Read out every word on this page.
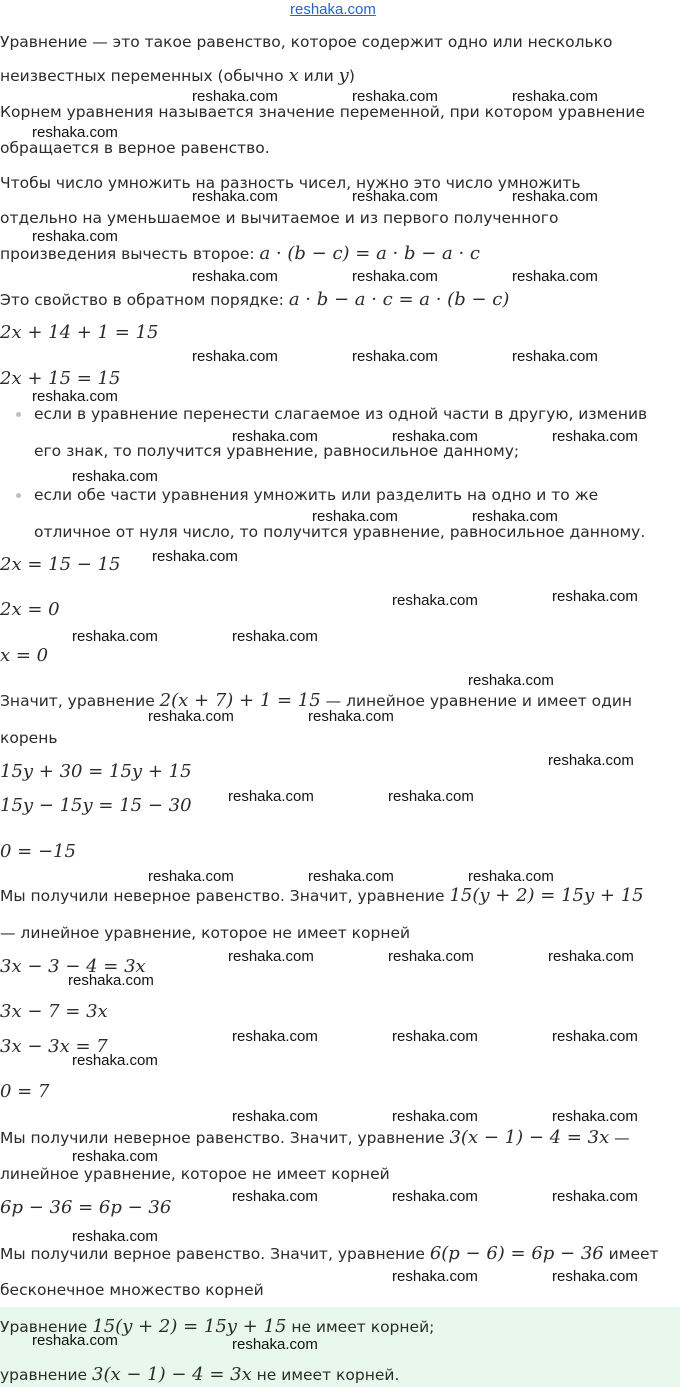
reshaka.com
Уравнение — это такое равенство, которое содержит одно или несколько
неизвестных переменных (обычно x или y)
Корнем уравнения называется значение переменной, при котором уравнение
обращается в верное равенство.
Чтобы число умножить на разность чисел, нужно это число умножить
отдельно на уменьшаемое и вычитаемое и из первого полученного
произведения вычесть второе: a · (b − c) = a · b − a · c
Это свойство в обратном порядке: a · b − a · c = a · (b − c)
2x + 14 + 1 = 15
2x + 15 = 15
если в уравнение перенести слагаемое из одной части в другую, изменив
его знак, то получится уравнение, равносильное данному;
если обе части уравнения умножить или разделить на одно и то же
отличное от нуля число, то получится уравнение, равносильное данному.
2x = 15 − 15
2x = 0
x = 0
Значит, уравнение 2(x + 7) + 1 = 15 — линейное уравнение и имеет один
корень
15y + 30 = 15y + 15
15y − 15y = 15 − 30
0 = −15
Мы получили неверное равенство. Значит, уравнение 15(y + 2) = 15y + 15
— линейное уравнение, которое не имеет корней
3x − 3 − 4 = 3x
3x − 7 = 3x
3x − 3x = 7
0 = 7
Мы получили неверное равенство. Значит, уравнение 3(x − 1) − 4 = 3x —
линейное уравнение, которое не имеет корней
6p − 36 = 6p − 36
Мы получили верное равенство. Значит, уравнение 6(p − 6) = 6p − 36 имеет
бесконечное множество корней
Уравнение 15(y + 2) = 15y + 15 не имеет корней;
уравнение 3(x − 1) − 4 = 3x не имеет корней.
reshaka.com	reshaka.com	reshaka.com
reshaka.com
reshaka.com	reshaka.com	reshaka.com
reshaka.com
reshaka.com	reshaka.com	reshaka.com
reshaka.com	reshaka.com	reshaka.com
reshaka.com
reshaka.com	reshaka.com	reshaka.com
reshaka.com
reshaka.com	reshaka.com
reshaka.com
reshaka.com	reshaka.com
reshaka.com	reshaka.com
reshaka.com
reshaka.com	reshaka.com
reshaka.com
reshaka.com	reshaka.com
reshaka.com	reshaka.com	reshaka.com
reshaka.com	reshaka.com	reshaka.com
reshaka.com
reshaka.com	reshaka.com	reshaka.com
reshaka.com
reshaka.com	reshaka.com	reshaka.com
reshaka.com
reshaka.com	reshaka.com	reshaka.com
reshaka.com
reshaka.com	reshaka.com
reshaka.com	reshaka.com
